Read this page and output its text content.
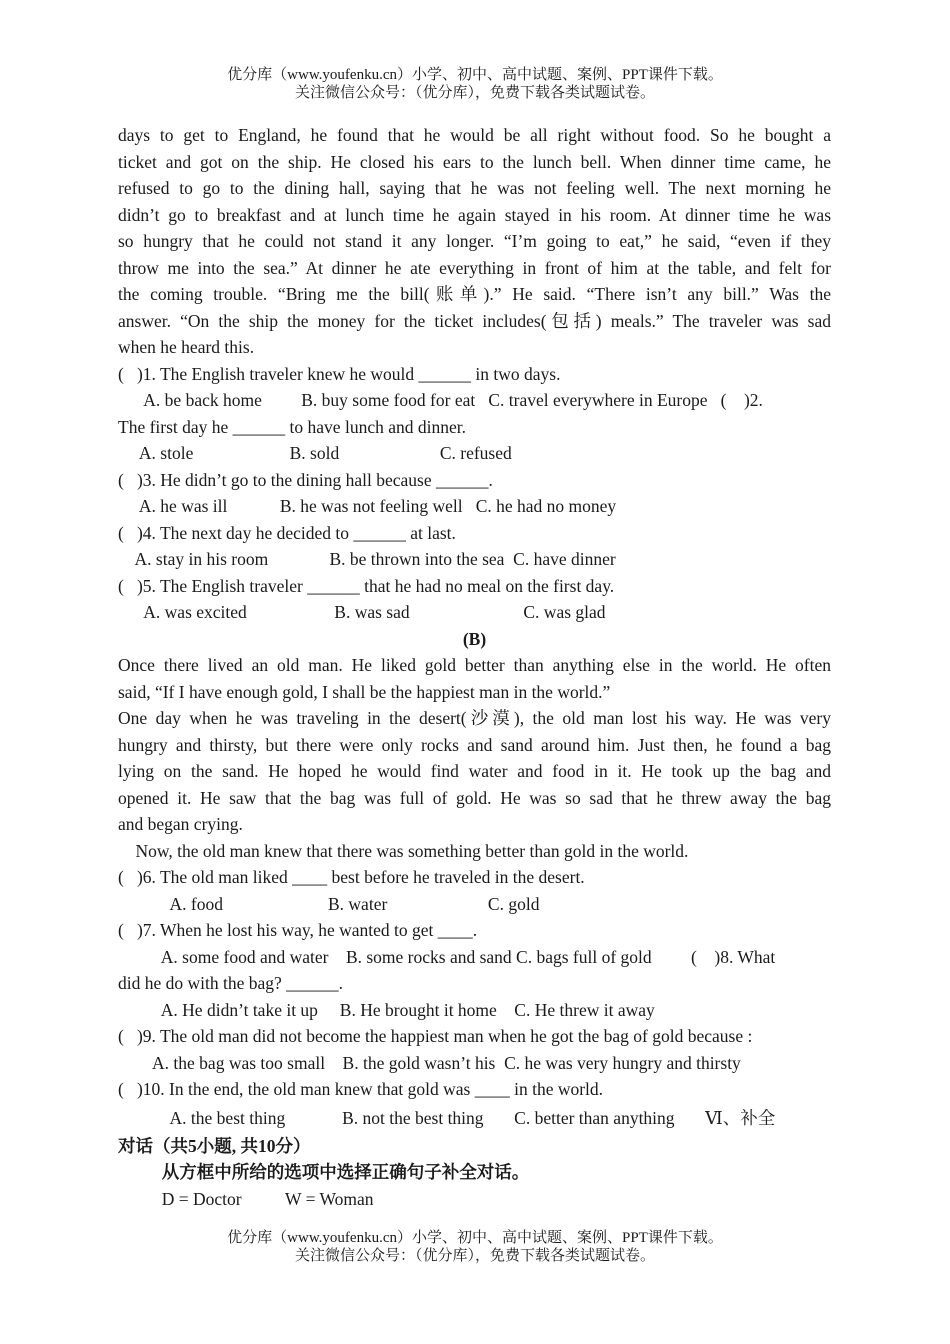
优分库（www.youfenku.cn）小学、初中、高中试题、案例、PPT课件下载。
关注微信公众号：（优分库），免费下载各类试题试卷。
days to get to England, he found that he would be all right without food. So he bought a
ticket and got on the ship. He closed his ears to the lunch bell. When dinner time came, he
refused to go to the dining hall, saying that he was not feeling well. The next morning he
didn’t go to breakfast and at lunch time he again stayed in his room. At dinner time he was
so hungry that he could not stand it any longer. “I’m going to eat,” he said, “even if they
throw me into the sea.” At dinner he ate everything in front of him at the table, and felt for
the coming trouble. “Bring me the bill(账单).” He said. “There isn’t any bill.” Was the
answer. “On the ship the money for the ticket includes(包括) meals.” The traveler was sad
when he heard this.
(   )1. The English traveler knew he would ______ in two days.
A. be back home         B. buy some food for eat   C. travel everywhere in Europe   (    )2.
The first day he ______ to have lunch and dinner.
A. stole                      B. sold                       C. refused
(   )3. He didn’t go to the dining hall because ______.
A. he was ill            B. he was not feeling well   C. he had no money
(   )4. The next day he decided to ______ at last.
A. stay in his room              B. be thrown into the sea  C. have dinner
(   )5. The English traveler ______ that he had no meal on the first day.
A. was excited                    B. was sad                          C. was glad
(B)
Once there lived an old man. He liked gold better than anything else in the world. He often
said, “If I have enough gold, I shall be the happiest man in the world.”
One day when he was traveling in the desert(沙漠), the old man lost his way. He was very
hungry and thirsty, but there were only rocks and sand around him. Just then, he found a bag
lying on the sand. He hoped he would find water and food in it. He took up the bag and
opened it. He saw that the bag was full of gold. He was so sad that he threw away the bag
and began crying.
Now, the old man knew that there was something better than gold in the world.
(   )6. The old man liked ____ best before he traveled in the desert.
A. food                        B. water                       C. gold
(   )7. When he lost his way, he wanted to get ____.
A. some food and water    B. some rocks and sand C. bags full of gold         (    )8. What
did he do with the bag? ______.
A. He didn’t take it up     B. He brought it home    C. He threw it away
(   )9. The old man did not become the happiest man when he got the bag of gold because :
A. the bag was too small    B. the gold wasn’t his  C. he was very hungry and thirsty
(   )10. In the end, the old man knew that gold was ____ in the world.
A. the best thing             B. not the best thing       C. better than anything       Ⅵ、补全
对话（共5小题, 共10分）
从方框中所给的选项中选择正确句子补全对话。
D = Doctor          W = Woman
优分库（www.youfenku.cn）小学、初中、高中试题、案例、PPT课件下载。
关注微信公众号：（优分库），免费下载各类试题试卷。
